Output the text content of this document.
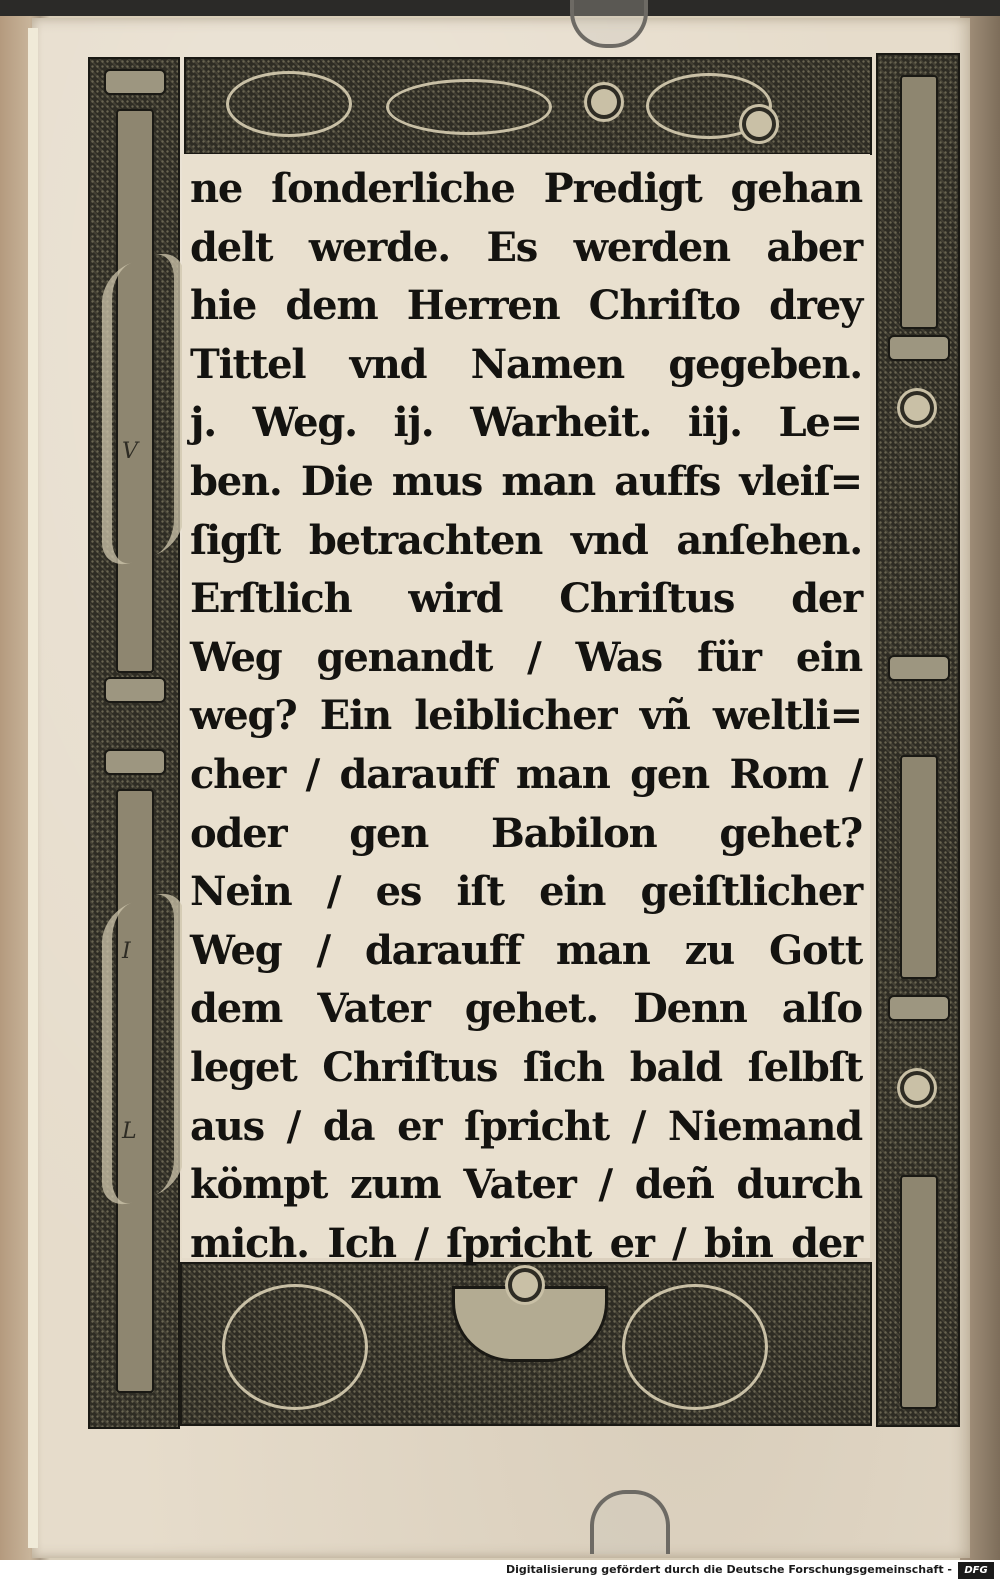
V
I
L
ne ſonderliche Predigt gehan
delt werde. Es werden aber
hie dem Herren Chriſto drey
Tittel vnd Namen gegeben.
j. Weg. ij. Warheit. iij. Le=
ben. Die mus man auffs vleiſ=
ſigſt betrachten vnd anſehen.
Erſtlich wird Chriſtus der
Weg genandt / Was für ein
weg? Ein leiblicher vñ weltli=
cher / darauff man gen Rom /
oder gen Babilon gehet?
Nein / es iſt ein geiſtlicher
Weg / darauff man zu Gott
dem Vater gehet. Denn alſo
leget Chriſtus ſich bald ſelbſt
aus / da er ſpricht / Niemand
kömpt zum Vater / deñ durch
mich. Ich / ſpricht er / bin der
Digitalisierung gefördert durch die Deutsche Forschungsgemeinschaft -	DFG
